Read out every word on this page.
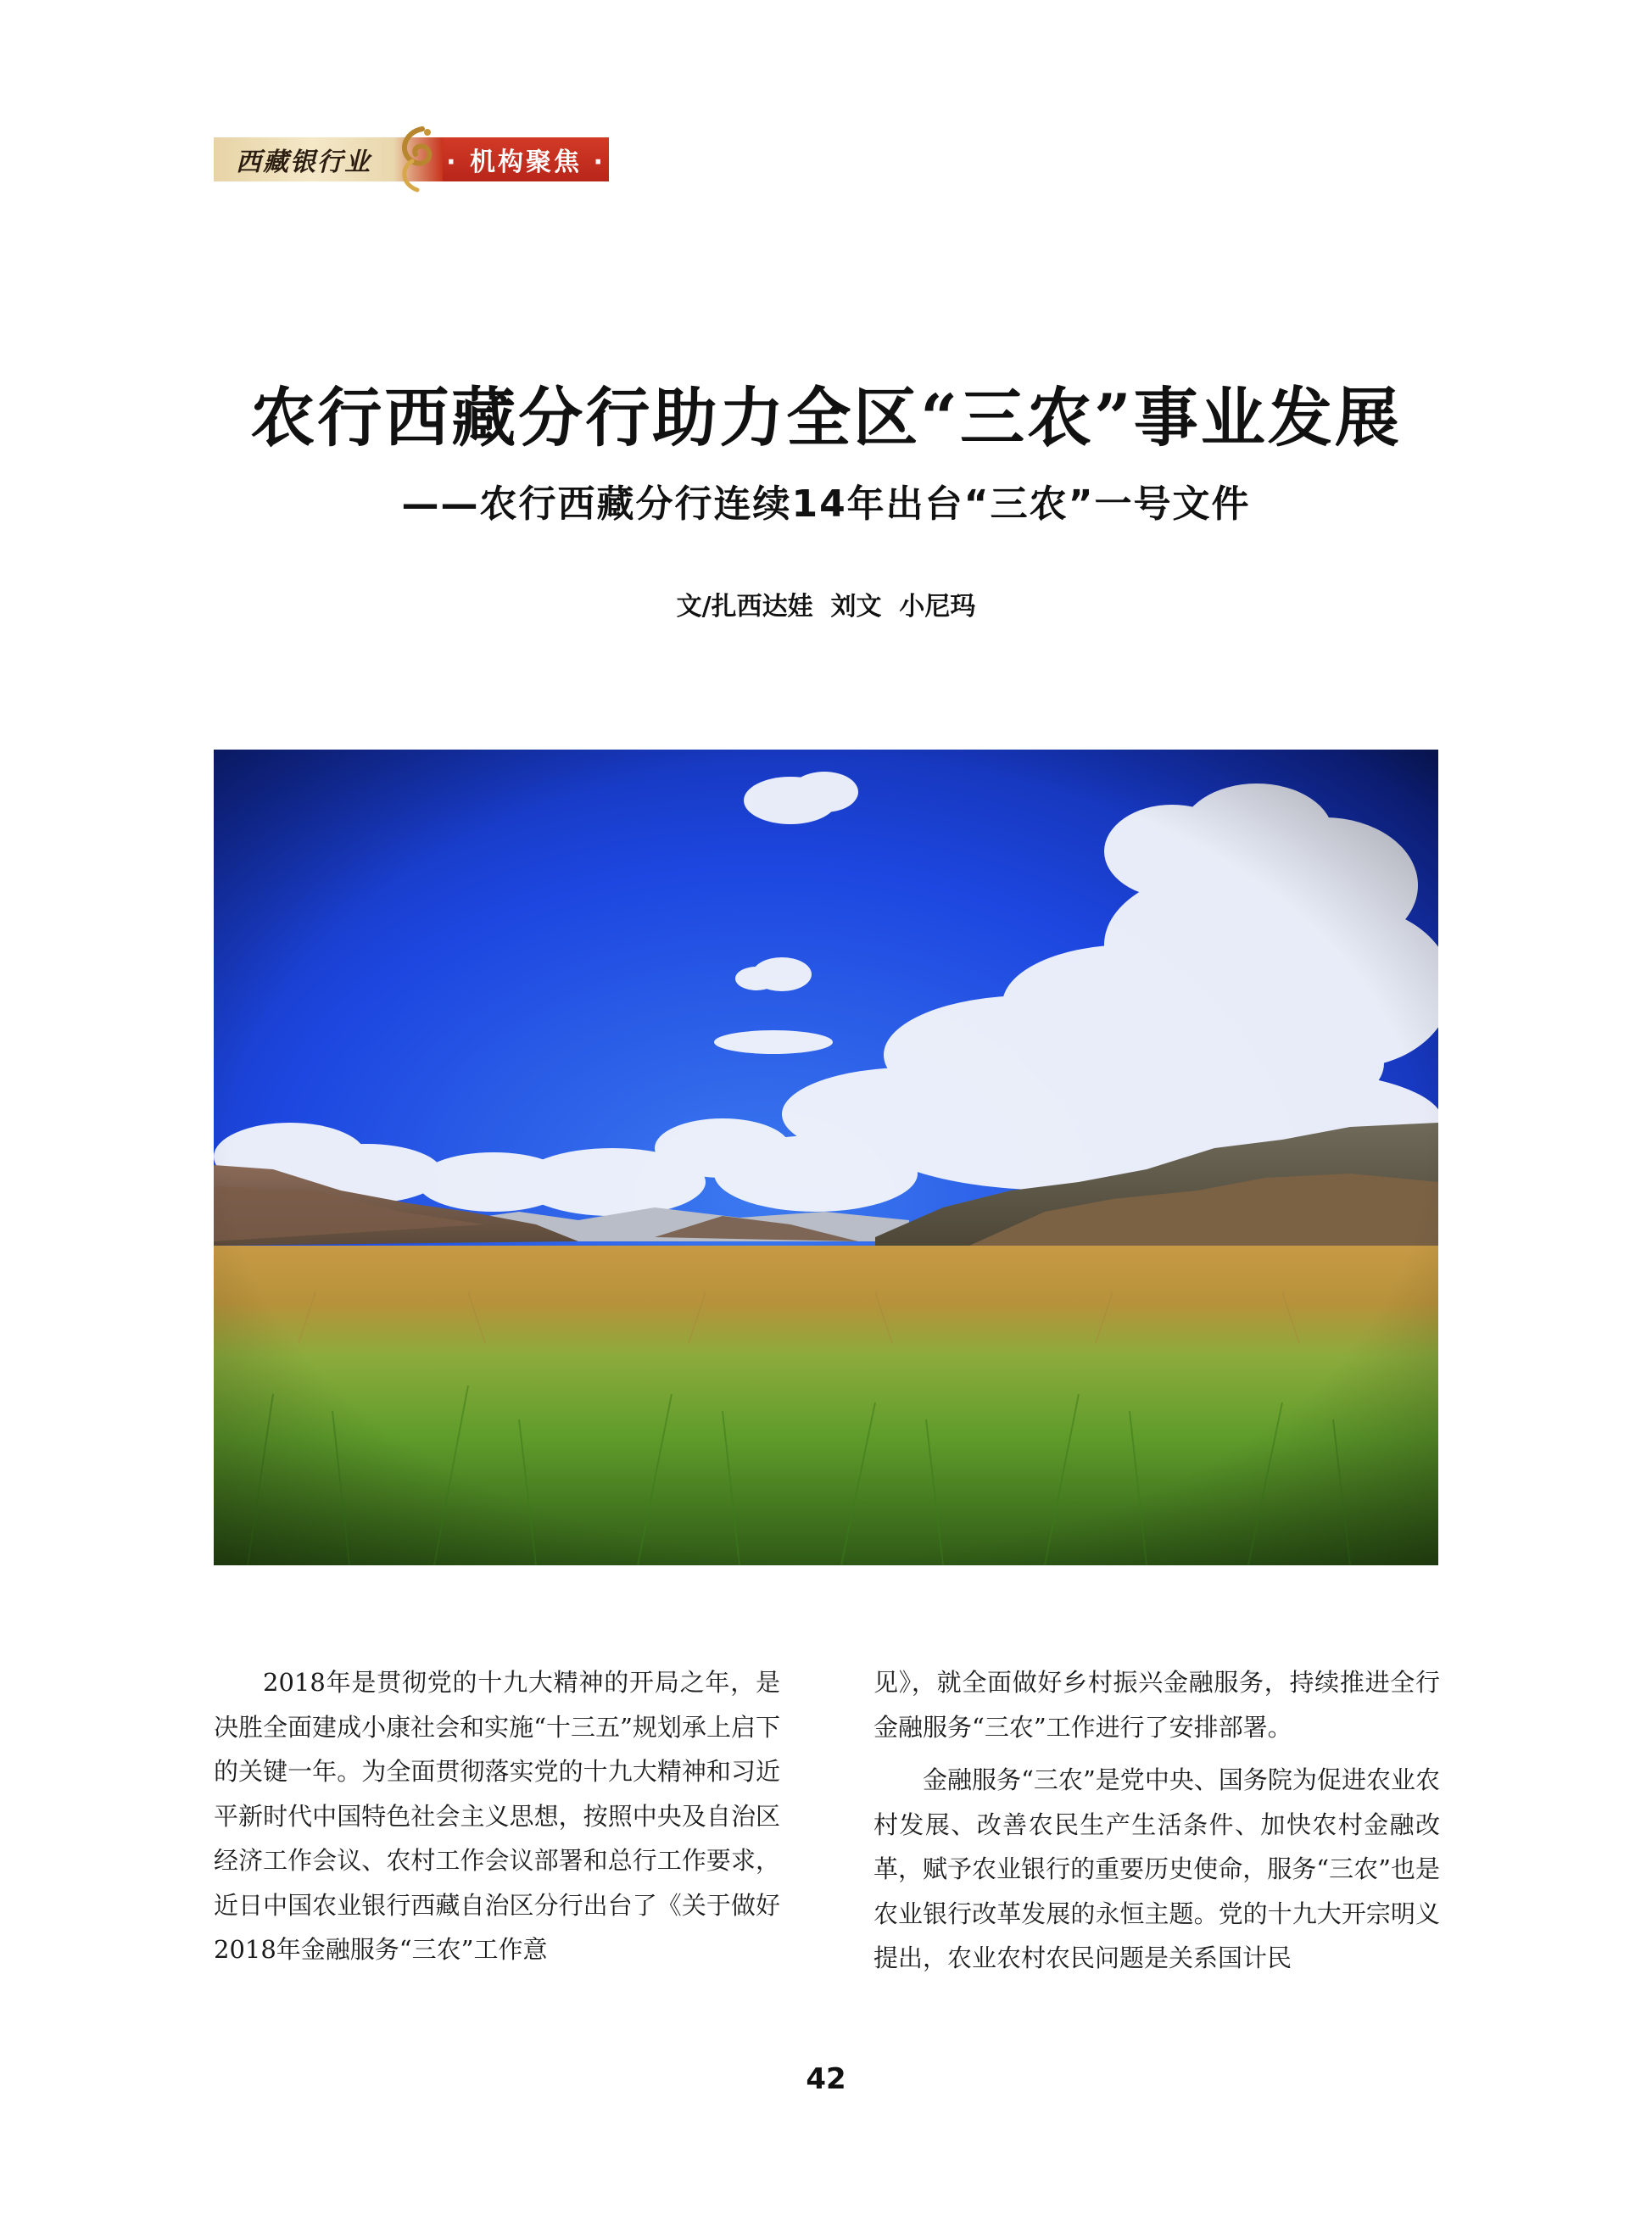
西藏银行业	· 机构聚焦 ·
农行西藏分行助力全区“三农”事业发展
——农行西藏分行连续14年出台“三农”一号文件
文/扎西达娃  刘文  小尼玛

2018年是贯彻党的十九大精神的开局之年，是决胜全面建成小康社会和实施“十三五”规划承上启下的关键一年。为全面贯彻落实党的十九大精神和习近平新时代中国特色社会主义思想，按照中央及自治区经济工作会议、农村工作会议部署和总行工作要求，近日中国农业银行西藏自治区分行出台了《关于做好2018年金融服务“三农”工作意

见》，就全面做好乡村振兴金融服务，持续推进全行金融服务“三农”工作进行了安排部署。

金融服务“三农”是党中央、国务院为促进农业农村发展、改善农民生产生活条件、加快农村金融改革，赋予农业银行的重要历史使命，服务“三农”也是农业银行改革发展的永恒主题。党的十九大开宗明义提出，农业农村农民问题是关系国计民

42
